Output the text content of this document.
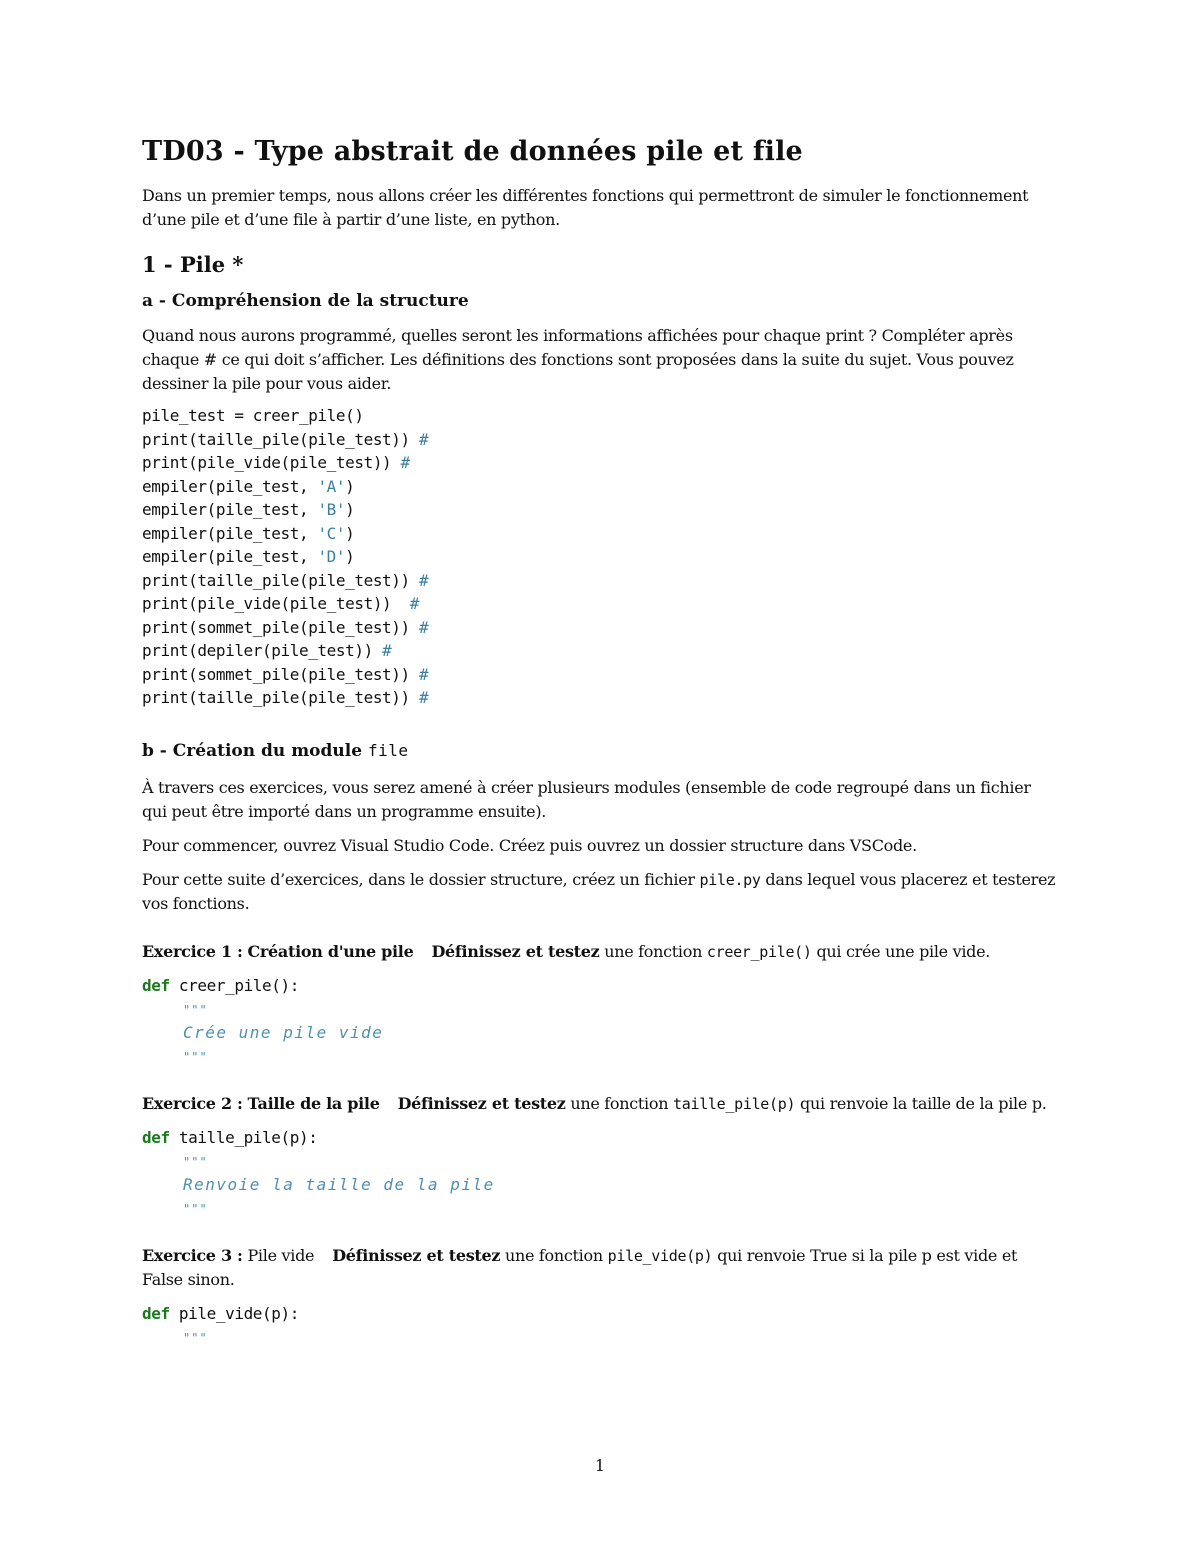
TD03 - Type abstrait de données pile et file

Dans un premier temps, nous allons créer les différentes fonctions qui permettront de simuler le fonctionnement d’une pile et d’une file à partir d’une liste, en python.

1 - Pile *
a - Compréhension de la structure

Quand nous aurons programmé, quelles seront les informations affichées pour chaque print ? Compléter après chaque # ce qui doit s’afficher. Les définitions des fonctions sont proposées dans la suite du sujet. Vous pouvez dessiner la pile pour vous aider.

pile_test = creer_pile()
print(taille_pile(pile_test)) #
print(pile_vide(pile_test)) #
empiler(pile_test, 'A')
empiler(pile_test, 'B')
empiler(pile_test, 'C')
empiler(pile_test, 'D')
print(taille_pile(pile_test)) #
print(pile_vide(pile_test))  #
print(sommet_pile(pile_test)) #
print(depiler(pile_test)) #
print(sommet_pile(pile_test)) #
print(taille_pile(pile_test)) #
b - Création du module file

À travers ces exercices, vous serez amené à créer plusieurs modules (ensemble de code regroupé dans un fichier qui peut être importé dans un programme ensuite).

Pour commencer, ouvrez Visual Studio Code. Créez puis ouvrez un dossier structure dans VSCode.

Pour cette suite d’exercices, dans le dossier structure, créez un fichier pile.py dans lequel vous placerez et testerez vos fonctions.

Exercice 1 : Création d'une pile Définissez et testez une fonction creer_pile() qui crée une pile vide.

def creer_pile():
"""
Crée une pile vide
"""

Exercice 2 : Taille de la pile Définissez et testez une fonction taille_pile(p) qui renvoie la taille de la pile p.

def taille_pile(p):
"""
Renvoie la taille de la pile
"""

Exercice 3 : Pile vide Définissez et testez une fonction pile_vide(p) qui renvoie True si la pile p est vide et False sinon.

def pile_vide(p):
"""
1
